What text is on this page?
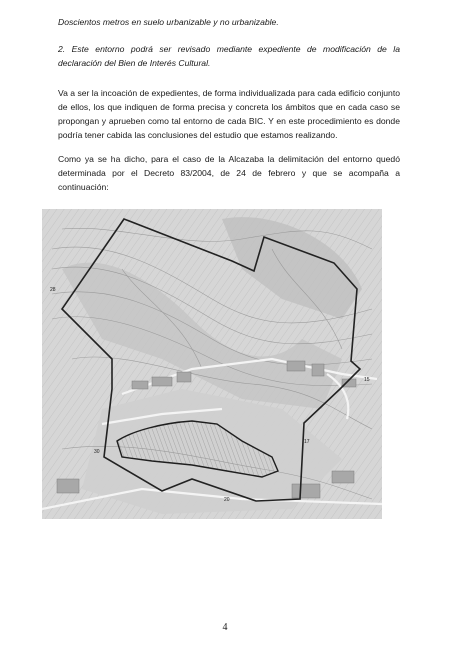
Doscientos metros en suelo urbanizable y no urbanizable.

2. Este entorno podrá ser revisado mediante expediente de modificación de la declaración del Bien de Interés Cultural.

Va a ser la incoación de expedientes, de forma individualizada para cada edificio conjunto de ellos, los que indiquen de forma precisa y concreta los ámbitos que en cada caso se propongan y aprueben como tal entorno de cada BIC. Y en este procedimiento es donde podría tener cabida las conclusiones del estudio que estamos realizando.

Como ya se ha dicho, para el caso de la Alcazaba la delimitación del entorno quedó determinada por el Decreto 83/2004, de 24 de febrero y que se acompaña a continuación:

28
15
17
20
30
4
